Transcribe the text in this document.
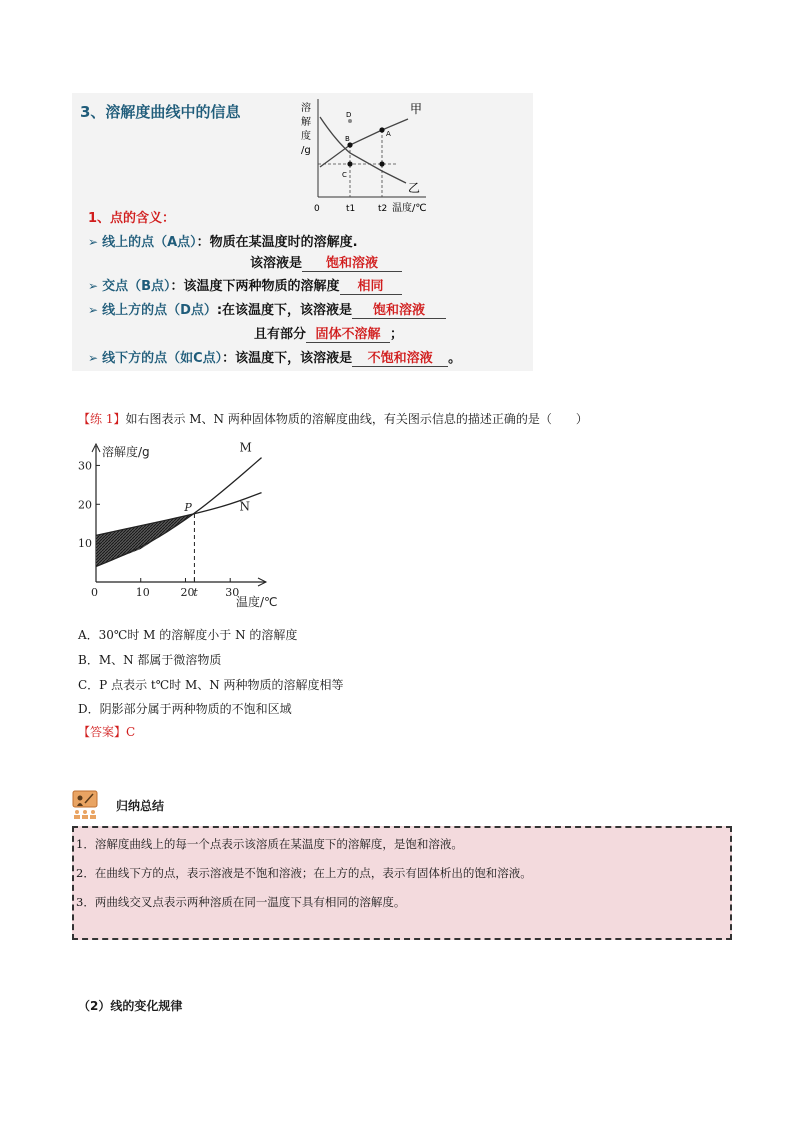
3、溶解度曲线中的信息	溶
解
度
/g
甲
乙
A
B
C
D
0	t1	t2 温度/℃
1、点的含义：
➢ 线上的点（A点）：物质在某温度时的溶解度.
该溶液是 饱和溶液
➢ 交点（B点）：该温度下两种物质的溶解度 相同
➢ 线上方的点（D点）:在该温度下，该溶液是 饱和溶液
且有部分 固体不溶解 ；
➢ 线下方的点（如C点）：该温度下，该溶液是 不饱和溶液 。
【练 1】如右图表示 M、N 两种固体物质的溶解度曲线，有关图示信息的描述正确的是（　　）
M
N
0	10	20
t 30
10
20
30
溶解度/g
温度/℃
P
A．30℃时 M 的溶解度小于 N 的溶解度
B．M、N 都属于微溶物质
C．P 点表示 t℃时 M、N 两种物质的溶解度相等
D．阴影部分属于两种物质的不饱和区域
【答案】C
归纳总结
1．溶解度曲线上的每一个点表示该溶质在某温度下的溶解度，是饱和溶液。
2．在曲线下方的点，表示溶液是不饱和溶液；在上方的点，表示有固体析出的饱和溶液。
3．两曲线交叉点表示两种溶质在同一温度下具有相同的溶解度。
（2）线的变化规律
